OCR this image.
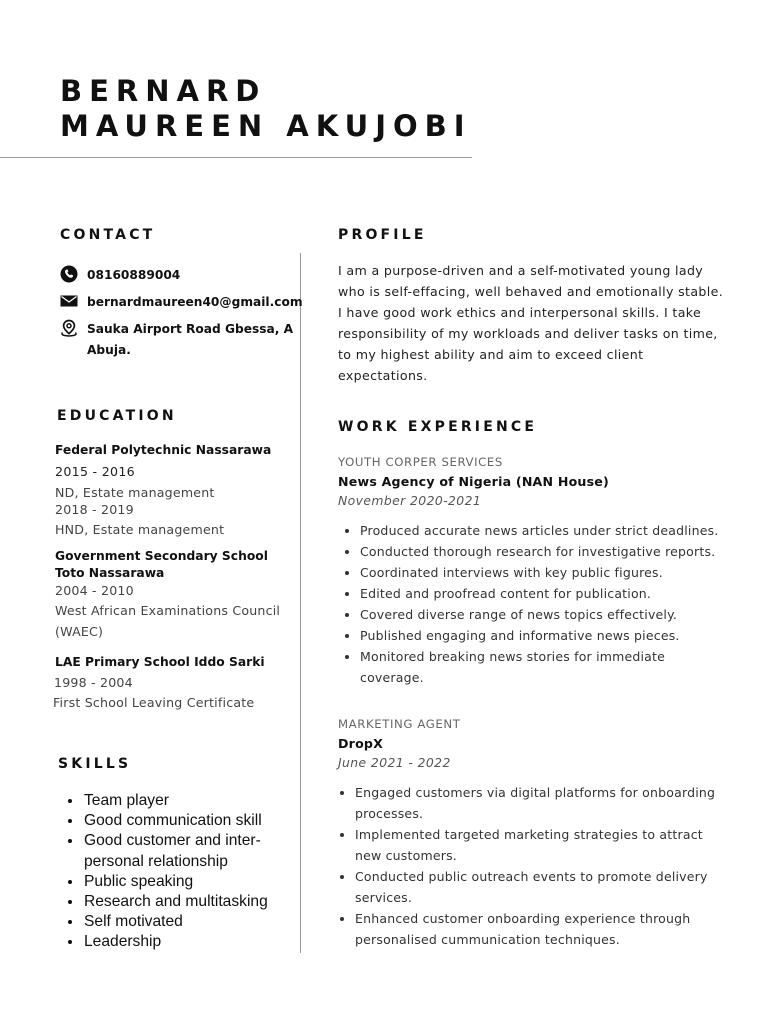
BERNARD
MAUREEN AKUJOBI
CONTACT
08160889004
bernardmaureen40@gmail.com
Sauka Airport Road Gbessa, A
Abuja.
EDUCATION
Federal Polytechnic Nassarawa
2015 - 2016
ND, Estate management
2018 - 2019
HND, Estate management
Government Secondary School
Toto Nassarawa
2004 - 2010
West African Examinations Council
(WAEC)
LAE Primary School Iddo Sarki
1998 - 2004
First School Leaving Certificate
SKILLS
• Team player
• Good communication skill
• Good customer and inter-personal relationship
• Public speaking
• Research and multitasking
• Self motivated
• Leadership
PROFILE
I am a purpose-driven and a self-motivated young lady who is self-effacing, well behaved and emotionally stable. I have good work ethics and interpersonal skills. I take responsibility of my workloads and deliver tasks on time, to my highest ability and aim to exceed client expectations.
WORK EXPERIENCE
YOUTH CORPER SERVICES
News Agency of Nigeria (NAN House)
November 2020-2021
• Produced accurate news articles under strict deadlines.
• Conducted thorough research for investigative reports.
• Coordinated interviews with key public figures.
• Edited and proofread content for publication.
• Covered diverse range of news topics effectively.
• Published engaging and informative news pieces.
• Monitored breaking news stories for immediate coverage.
MARKETING AGENT
DropX
June 2021 - 2022
• Engaged customers via digital platforms for onboarding processes.
• Implemented targeted marketing strategies to attract new customers.
• Conducted public outreach events to promote delivery services.
• Enhanced customer onboarding experience through personalised cummunication techniques.
